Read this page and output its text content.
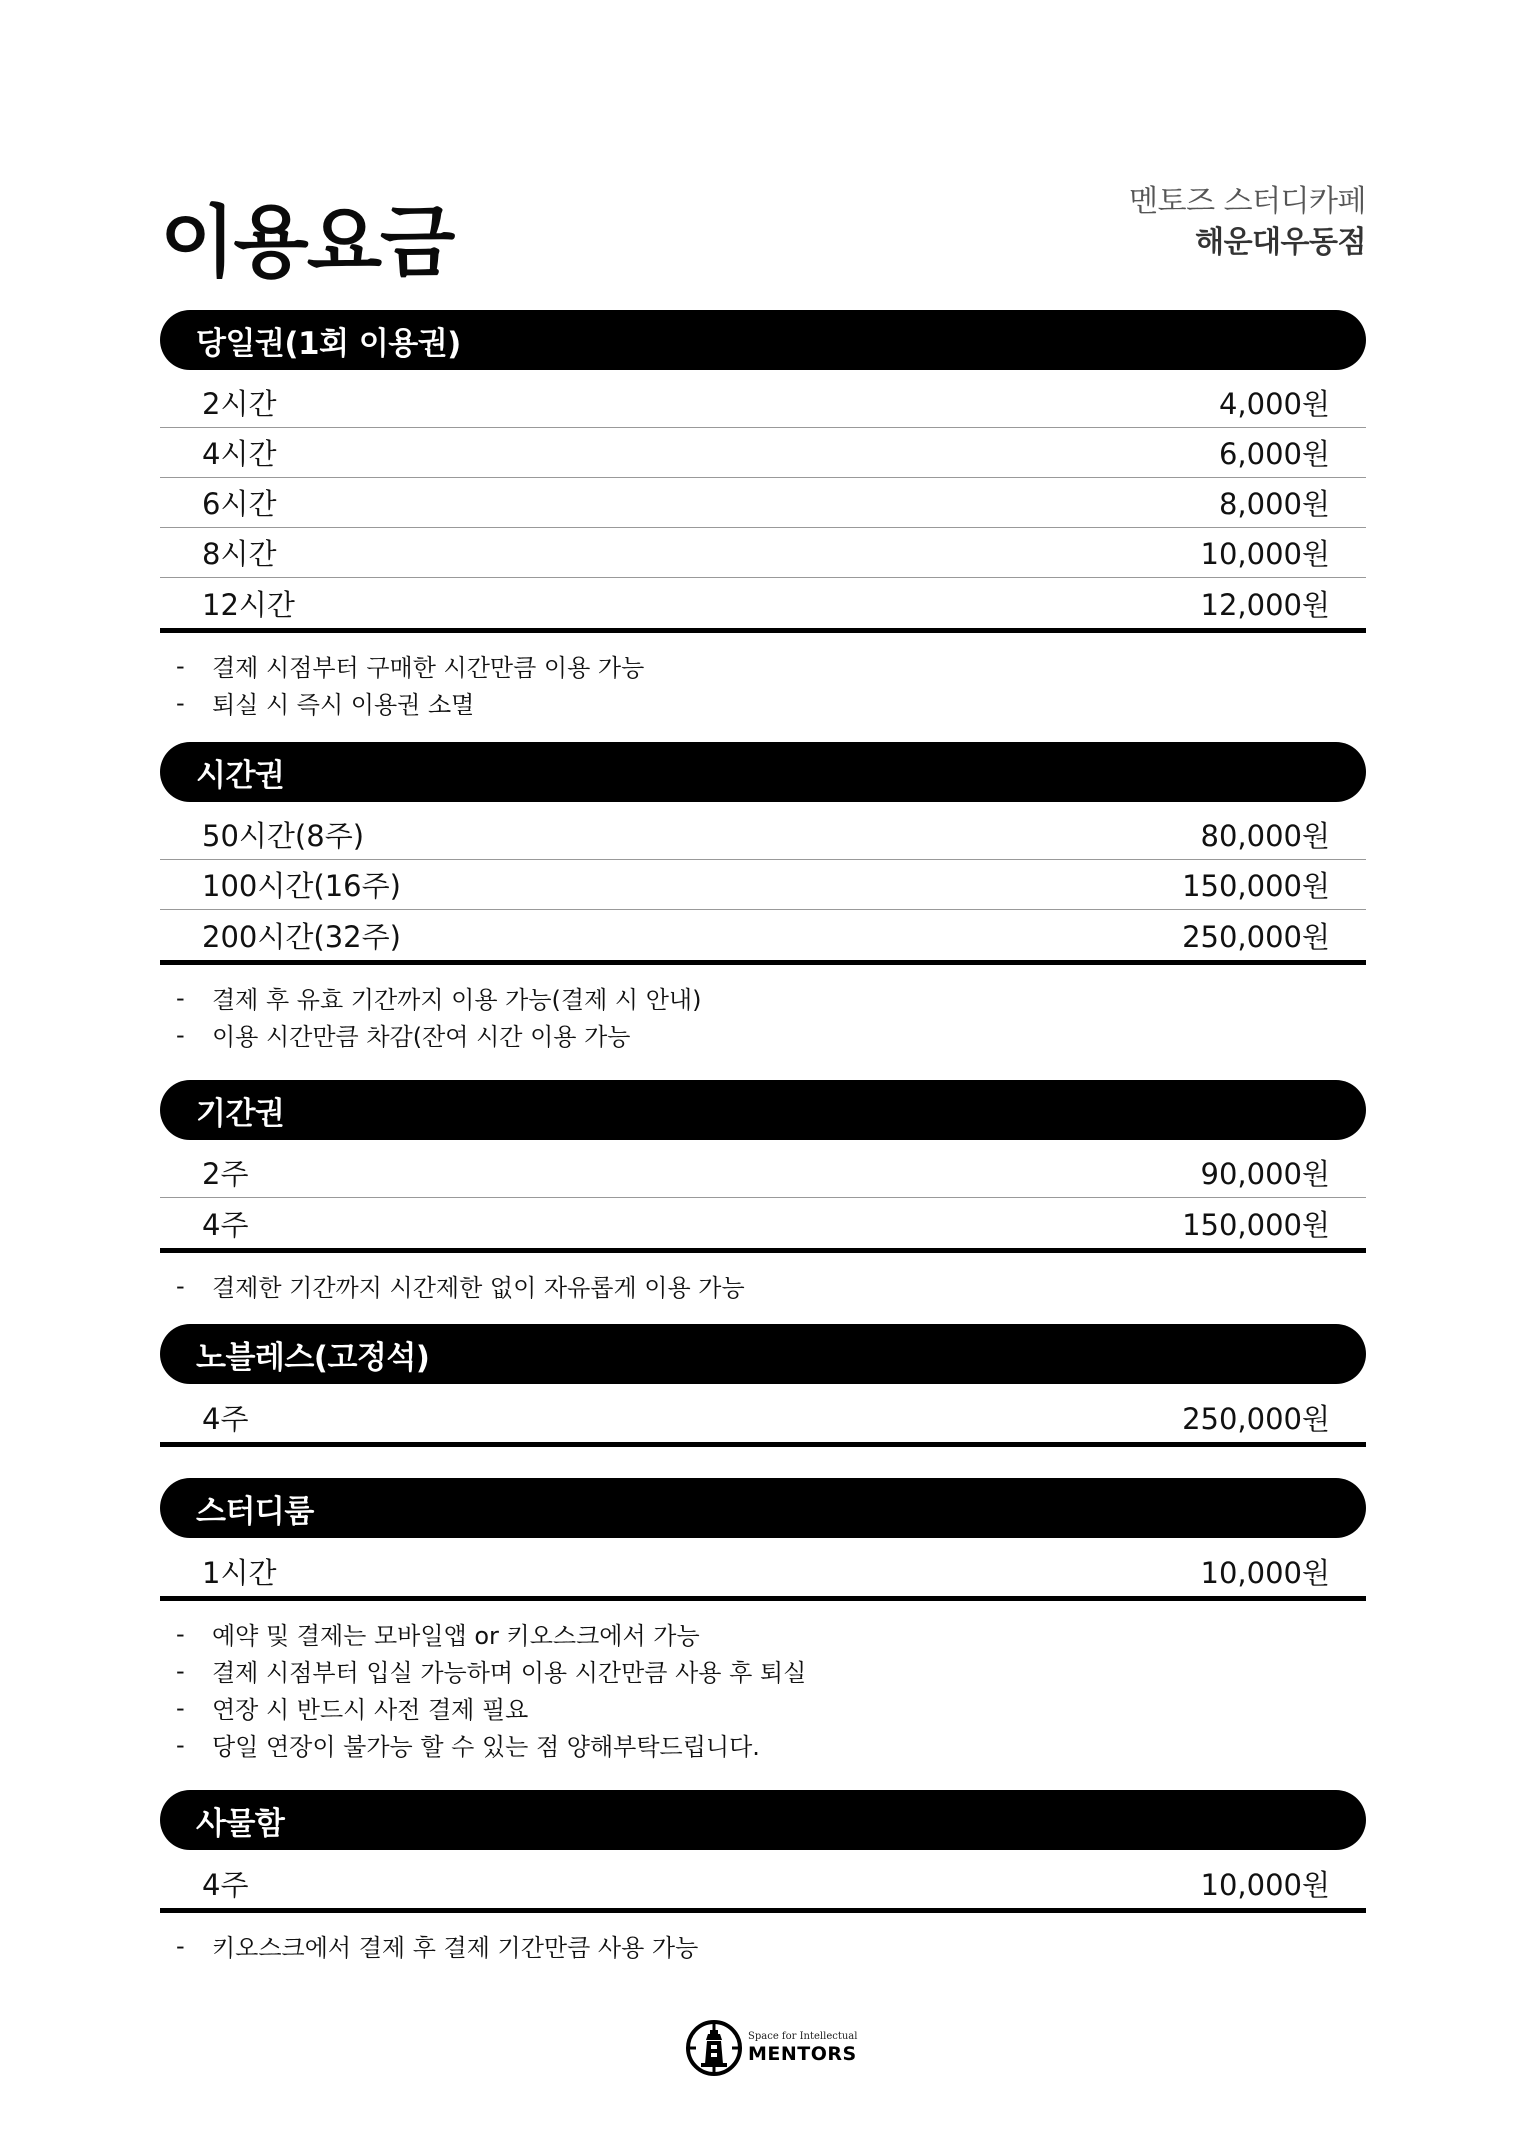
이용요금	멘토즈 스터디카페
해운대우동점
당일권(1회 이용권)
2시간	4,000원
4시간	6,000원
6시간	8,000원
8시간	10,000원
12시간	12,000원
-	결제 시점부터 구매한 시간만큼 이용 가능
-	퇴실 시 즉시 이용권 소멸
시간권
50시간(8주)	80,000원
100시간(16주)	150,000원
200시간(32주)	250,000원
-	결제 후 유효 기간까지 이용 가능(결제 시 안내)
-	이용 시간만큼 차감(잔여 시간 이용 가능
기간권
2주	90,000원
4주	150,000원
-	결제한 기간까지 시간제한 없이 자유롭게 이용 가능
노블레스(고정석)
4주	250,000원
스터디룸
1시간	10,000원
-	예약 및 결제는 모바일앱 or 키오스크에서 가능
-	결제 시점부터 입실 가능하며 이용 시간만큼 사용 후 퇴실
-	연장 시 반드시 사전 결제 필요
-	당일 연장이 불가능 할 수 있는 점 양해부탁드립니다.
사물함
4주	10,000원
-	키오스크에서 결제 후 결제 기간만큼 사용 가능
Space for Intellectual
MENTORS
